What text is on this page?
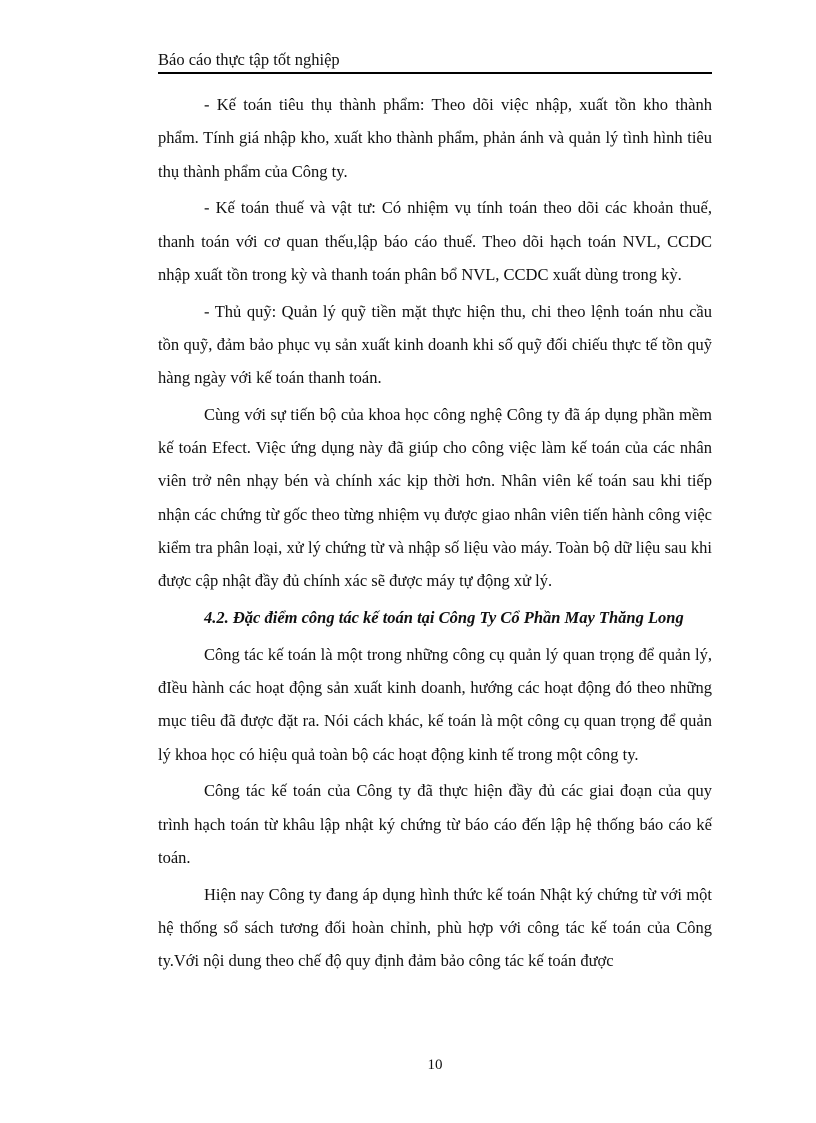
Báo cáo thực tập tốt nghiệp

- Kế toán tiêu thụ thành phẩm: Theo dõi việc nhập, xuất tồn kho thành phẩm. Tính giá nhập kho, xuất kho thành phẩm, phản ánh và quản lý tình hình tiêu thụ thành phẩm của Công ty.

- Kế toán thuế và vật tư: Có nhiệm vụ tính toán theo dõi các khoản thuế, thanh toán với cơ quan thếu,lập báo cáo thuế. Theo dõi hạch toán NVL, CCDC nhập xuất tồn trong kỳ và thanh toán phân bổ NVL, CCDC xuất dùng trong kỳ.

- Thủ quỹ: Quản lý quỹ tiền mặt thực hiện thu, chi theo lệnh toán nhu cầu tồn quỹ, đảm bảo phục vụ sản xuất kinh doanh khi số quỹ đối chiếu thực tế tồn quỹ hàng ngày với kế toán thanh toán.

Cùng với sự tiến bộ của khoa học công nghệ Công ty đã áp dụng phần mềm kế toán Efect. Việc ứng dụng này đã giúp cho công việc làm kế toán của các nhân viên trở nên nhạy bén và chính xác kịp thời hơn. Nhân viên kế toán sau khi tiếp nhận các chứng từ gốc theo từng nhiệm vụ được giao nhân viên tiến hành công việc kiểm tra phân loại, xử lý chứng từ và nhập số liệu vào máy. Toàn bộ dữ liệu sau khi được cập nhật đầy đủ chính xác sẽ được máy tự động xử lý.

4.2. Đặc điểm công tác kế toán tại Công Ty Cổ Phần May Thăng Long

Công tác kế toán là một trong những công cụ quản lý quan trọng để quản lý, đIều hành các hoạt động sản xuất kinh doanh, hướng các hoạt động đó theo những mục tiêu đã được đặt ra. Nói cách khác, kế toán là một công cụ quan trọng để quản lý khoa học có hiệu quả toàn bộ các hoạt động kinh tế trong một công ty.

Công tác kế toán của Công ty đã thực hiện đầy đủ các giai đoạn của quy trình hạch toán từ khâu lập nhật ký chứng từ báo cáo đến lập hệ thống báo cáo kế toán.

Hiện nay Công ty đang áp dụng hình thức kế toán Nhật ký chứng từ với một hệ thống sổ sách tương đối hoàn chỉnh, phù hợp với công tác kế toán của Công ty.Với nội dung theo chế độ quy định đảm bảo công tác kế toán được

10
